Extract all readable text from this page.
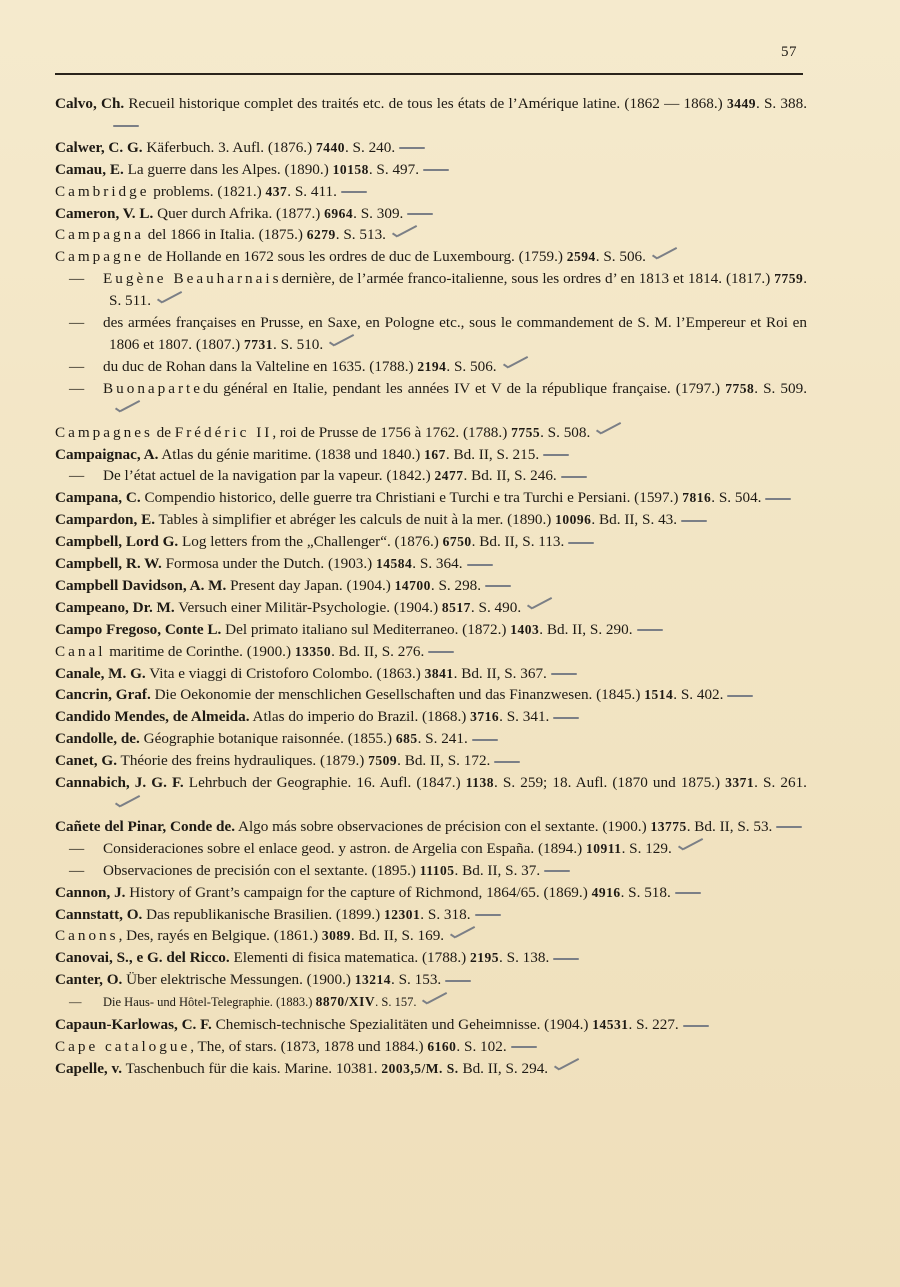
57

Calvo, Ch. Recueil historique complet des traités etc. de tous les états de l’Amérique latine. (1862 — 1868.) 3449. S. 388.

Calwer, C. G. Käferbuch. 3. Aufl. (1876.) 7440. S. 240.

Camau, E. La guerre dans les Alpes. (1890.) 10158. S. 497.

Cambridge problems. (1821.) 437. S. 411.

Cameron, V. L. Quer durch Afrika. (1877.) 6964. S. 309.

Campagna del 1866 in Italia. (1875.) 6279. S. 513.

Campagne de Hollande en 1672 sous les ordres de duc de Luxembourg. (1759.) 2594. S. 506.

— Eugène Beauharnaisdernière, de l’armée franco-italienne, sous les ordres d’ en 1813 et 1814. (1817.) 7759. S. 511.

— des armées françaises en Prusse, en Saxe, en Pologne etc., sous le commandement de S. M. l’Empereur et Roi en 1806 et 1807. (1807.) 7731. S. 510.

— du duc de Rohan dans la Valteline en 1635. (1788.) 2194. S. 506.

— Buonapartedu général en Italie, pendant les années IV et V de la république française. (1797.) 7758. S. 509.

Campagnes de Frédéric II, roi de Prusse de 1756 à 1762. (1788.) 7755. S. 508.

Campaignac, A. Atlas du génie maritime. (1838 und 1840.) 167. Bd. II, S. 215.

— De l’état actuel de la navigation par la vapeur. (1842.) 2477. Bd. II, S. 246.

Campana, C. Compendio historico, delle guerre tra Christiani e Turchi e tra Turchi e Persiani. (1597.) 7816. S. 504.

Campardon, E. Tables à simplifier et abréger les calculs de nuit à la mer. (1890.) 10096. Bd. II, S. 43.

Campbell, Lord G. Log letters from the „Challenger“. (1876.) 6750. Bd. II, S. 113.

Campbell, R. W. Formosa under the Dutch. (1903.) 14584. S. 364.

Campbell Davidson, A. M. Present day Japan. (1904.) 14700. S. 298.

Campeano, Dr. M. Versuch einer Militär-Psychologie. (1904.) 8517. S. 490.

Campo Fregoso, Conte L. Del primato italiano sul Mediterraneo. (1872.) 1403. Bd. II, S. 290.

Canal maritime de Corinthe. (1900.) 13350. Bd. II, S. 276.

Canale, M. G. Vita e viaggi di Cristoforo Colombo. (1863.) 3841. Bd. II, S. 367.

Cancrin, Graf. Die Oekonomie der menschlichen Gesellschaften und das Finanzwesen. (1845.) 1514. S. 402.

Candido Mendes, de Almeida. Atlas do imperio do Brazil. (1868.) 3716. S. 341.

Candolle, de. Géographie botanique raisonnée. (1855.) 685. S. 241.

Canet, G. Théorie des freins hydrauliques. (1879.) 7509. Bd. II, S. 172.

Cannabich, J. G. F. Lehrbuch der Geographie. 16. Aufl. (1847.) 1138. S. 259; 18. Aufl. (1870 und 1875.) 3371. S. 261.

Cañete del Pinar, Conde de. Algo más sobre observaciones de précision con el sextante. (1900.) 13775. Bd. II, S. 53.

— Consideraciones sobre el enlace geod. y astron. de Argelia con España. (1894.) 10911. S. 129.

— Observaciones de precisión con el sextante. (1895.) 11105. Bd. II, S. 37.

Cannon, J. History of Grant’s campaign for the capture of Richmond, 1864/65. (1869.) 4916. S. 518.

Cannstatt, O. Das republikanische Brasilien. (1899.) 12301. S. 318.

Canons, Des, rayés en Belgique. (1861.) 3089. Bd. II, S. 169.

Canovai, S., e G. del Ricco. Elementi di fisica matematica. (1788.) 2195. S. 138.

Canter, O. Über elektrische Messungen. (1900.) 13214. S. 153.

— Die Haus- und Hôtel-Telegraphie. (1883.) 8870/XIV. S. 157.

Capaun-Karlowas, C. F. Chemisch-technische Spezialitäten und Geheimnisse. (1904.) 14531. S. 227.

Cape catalogue, The, of stars. (1873, 1878 und 1884.) 6160. S. 102.

Capelle, v. Taschenbuch für die kais. Marine. 10381. 2003,5/M. S. Bd. II, S. 294.
